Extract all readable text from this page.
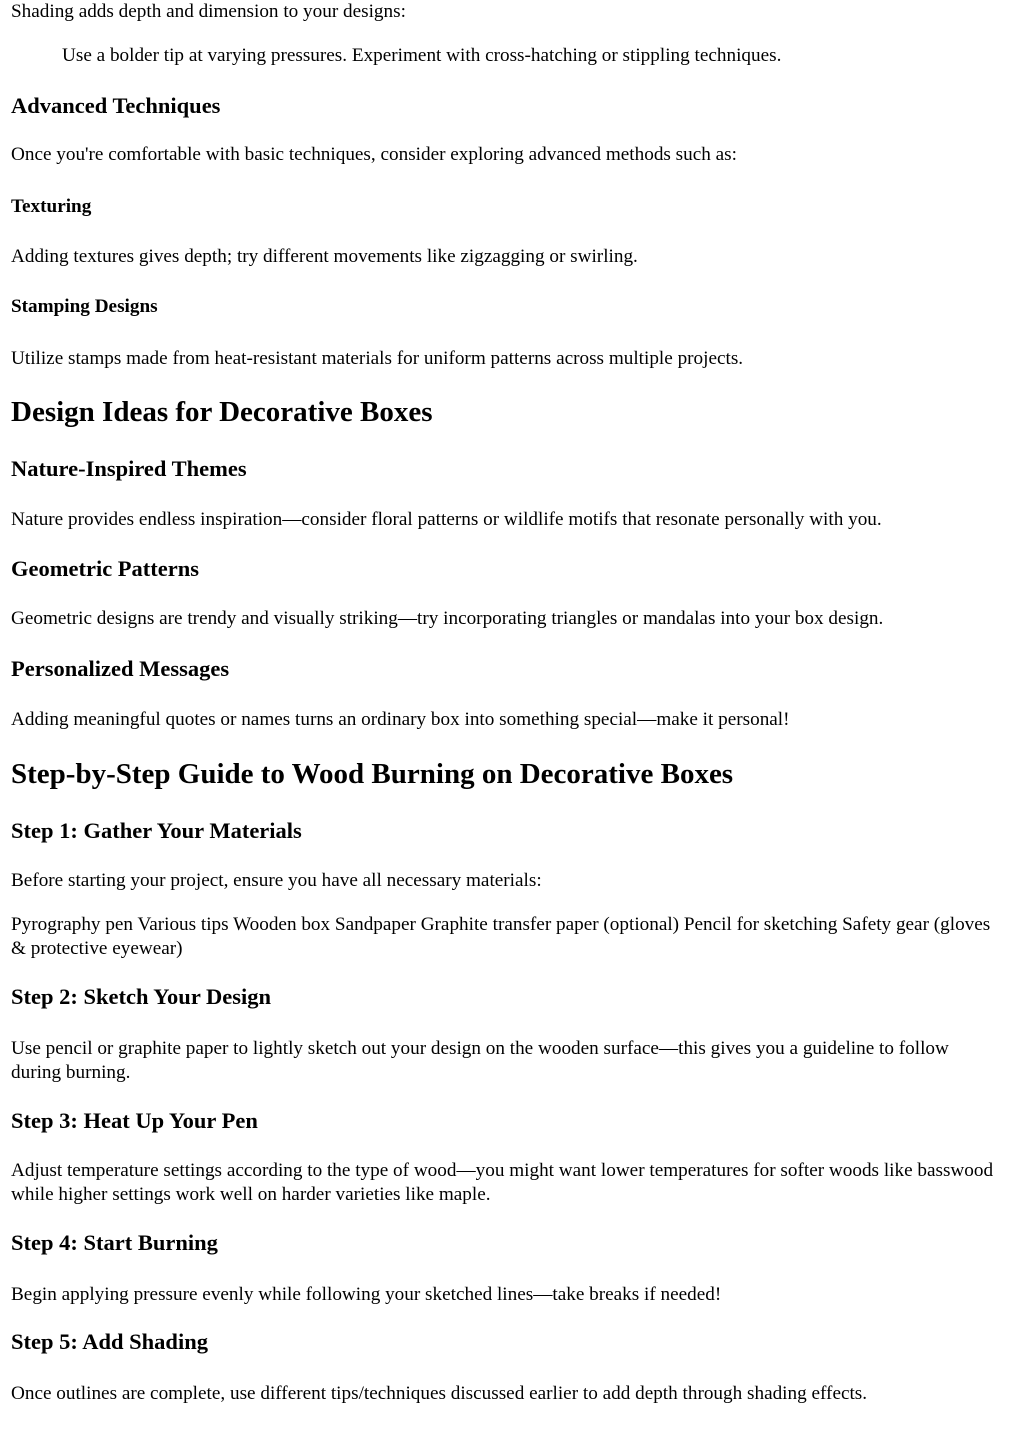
Shading adds depth and dimension to your designs:

Use a bolder tip at varying pressures. Experiment with cross-hatching or stippling techniques.

Advanced Techniques

Once you're comfortable with basic techniques, consider exploring advanced methods such as:

Texturing

Adding textures gives depth; try different movements like zigzagging or swirling.

Stamping Designs

Utilize stamps made from heat-resistant materials for uniform patterns across multiple projects.

Design Ideas for Decorative Boxes
Nature-Inspired Themes

Nature provides endless inspiration—consider floral patterns or wildlife motifs that resonate personally with you.

Geometric Patterns

Geometric designs are trendy and visually striking—try incorporating triangles or mandalas into your box design.

Personalized Messages

Adding meaningful quotes or names turns an ordinary box into something special—make it personal!

Step-by-Step Guide to Wood Burning on Decorative Boxes
Step 1: Gather Your Materials

Before starting your project, ensure you have all necessary materials:

Pyrography pen Various tips Wooden box Sandpaper Graphite transfer paper (optional) Pencil for sketching Safety gear (gloves & protective eyewear)

Step 2: Sketch Your Design

Use pencil or graphite paper to lightly sketch out your design on the wooden surface—this gives you a guideline to follow during burning.

Step 3: Heat Up Your Pen

Adjust temperature settings according to the type of wood—you might want lower temperatures for softer woods like basswood while higher settings work well on harder varieties like maple.

Step 4: Start Burning

Begin applying pressure evenly while following your sketched lines—take breaks if needed!

Step 5: Add Shading

Once outlines are complete, use different tips/techniques discussed earlier to add depth through shading effects.
